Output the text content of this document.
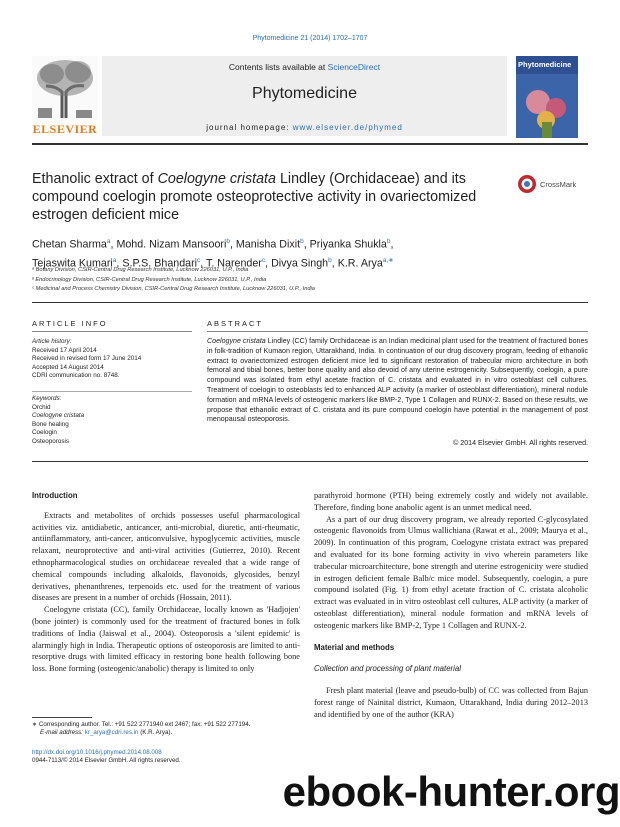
Phytomedicine 21 (2014) 1702–1707
ELSEVIER
Contents lists available at ScienceDirect
Phytomedicine
journal homepage: www.elsevier.de/phymed
Phytomedicine
Ethanolic extract of Coelogyne cristata Lindley (Orchidaceae) and its compound coelogin promote osteoprotective activity in ovariectomized estrogen deficient mice
CrossMark
Chetan Sharma$^a$, Mohd. Nizam Mansoori$^b$, Manisha Dixit$^b$, Priyanka Shukla$^b$,
Tejaswita Kumari$^a$, S.P.S. Bhandari$^c$, T. Narender$^c$, Divya Singh$^b$, K.R. Arya$^{a,∗}$
ᵃ Botany Division, CSIR-Central Drug Research Institute, Lucknow 226031, U.P., India
ᵇ Endocrinology Division, CSIR-Central Drug Research Institute, Lucknow 226031, U.P., India
ᶜ Medicinal and Process Chemistry Division, CSIR-Central Drug Research Institute, Lucknow 226031, U.P., India
ARTICLE INFO	ABSTRACT
Article history:
Received 17 April 2014
Received in revised form 17 June 2014
Accepted 14 August 2014
CDRI communication no. 8748.
Keywords:
Orchid
Coelogyne cristata
Bone healing
Coelogin
Osteoporosis
Coelogyne cristata Lindley (CC) family Orchidaceae is an Indian medicinal plant used for the treatment of fractured bones in folk-tradition of Kumaon region, Uttarakhand, India. In continuation of our drug discovery program, feeding of ethanolic extract to ovariectomized estrogen deficient mice led to significant restoration of trabecular micro architecture in both femoral and tibial bones, better bone quality and also devoid of any uterine estrogenicity. Subsequently, coelogin, a pure compound was isolated from ethyl acetate fraction of C. cristata and evaluated in in vitro osteoblast cell cultures. Treatment of coelogin to osteoblasts led to enhanced ALP activity (a marker of osteoblast differentiation), mineral nodule formation and mRNA levels of osteogenic markers like BMP-2, Type 1 Collagen and RUNX-2. Based on these results, we propose that ethanolic extract of C. cristata and its pure compound coelogin have potential in the management of post menopausal osteoporosis.
© 2014 Elsevier GmbH. All rights reserved.
Introduction

Extracts and metabolites of orchids possesses useful pharmacological activities viz. antidiabetic, anticancer, anti-microbial, diuretic, anti-rheumatic, antiinflammatory, anti-cancer, anticonvulsive, hypoglycemic activities, muscle relaxant, neuroprotective and anti-viral activities (Gutierrez, 2010). Recent ethnopharmacological studies on orchidaceae revealed that a wide range of chemical compounds including alkaloids, flavonoids, glycosides, benzyl derivatives, phenanthrenes, terpenoids etc. used for the treatment of various diseases are present in a number of orchids (Hossain, 2011).

Coelogyne cristata (CC), family Orchidaceae, locally known as 'Hadjojen' (bone jointer) is commonly used for the treatment of fractured bones in folk traditions of India (Jaiswal et al., 2004). Osteoporosis a 'silent epidemic' is alarmingly high in India. Therapeutic options of osteoporosis are limited to anti-resorptive drugs with limited efficacy in restoring bone health following bone loss. Bone forming (osteogenic/anabolic) therapy is limited to only

parathyroid hormone (PTH) being extremely costly and widely not available. Therefore, finding bone anabolic agent is an unmet medical need.

As a part of our drug discovery program, we already reported C-glycosylated osteogenic flavonoids from Ulmus wallichiana (Rawat et al., 2009; Maurya et al., 2009). In continuation of this program, Coelogyne cristata extract was prepared and evaluated for its bone forming activity in vivo wherein parameters like trabecular microarchitecture, bone strength and uterine estrogenicity were studied in estrogen deficient female Balb/c mice model. Subsequently, coelogin, a pure compound isolated (Fig. 1) from ethyl acetate fraction of C. cristata alcoholic extract was evaluated in in vitro osteoblast cell cultures, ALP activity (a marker of osteoblast differentiation), mineral nodule formation and mRNA levels of osteogenic markers like BMP-2, Type 1 Collagen and RUNX-2.

Material and methods
Collection and processing of plant material

Fresh plant material (leave and pseudo-bulb) of CC was collected from Bajun forest range of Nainital district, Kumaon, Uttarakhand, India during 2012–2013 and identified by one of the author (KRA)

∗ Corresponding author. Tel.: +91 522 2771940 ext 2467; fax: +91 522 277194.
E-mail address: kr_arya@cdri.res.in (K.R. Arya).
http://dx.doi.org/10.1016/j.phymed.2014.08.008
0944-7113/© 2014 Elsevier GmbH. All rights reserved.
ebook-hunter.org
